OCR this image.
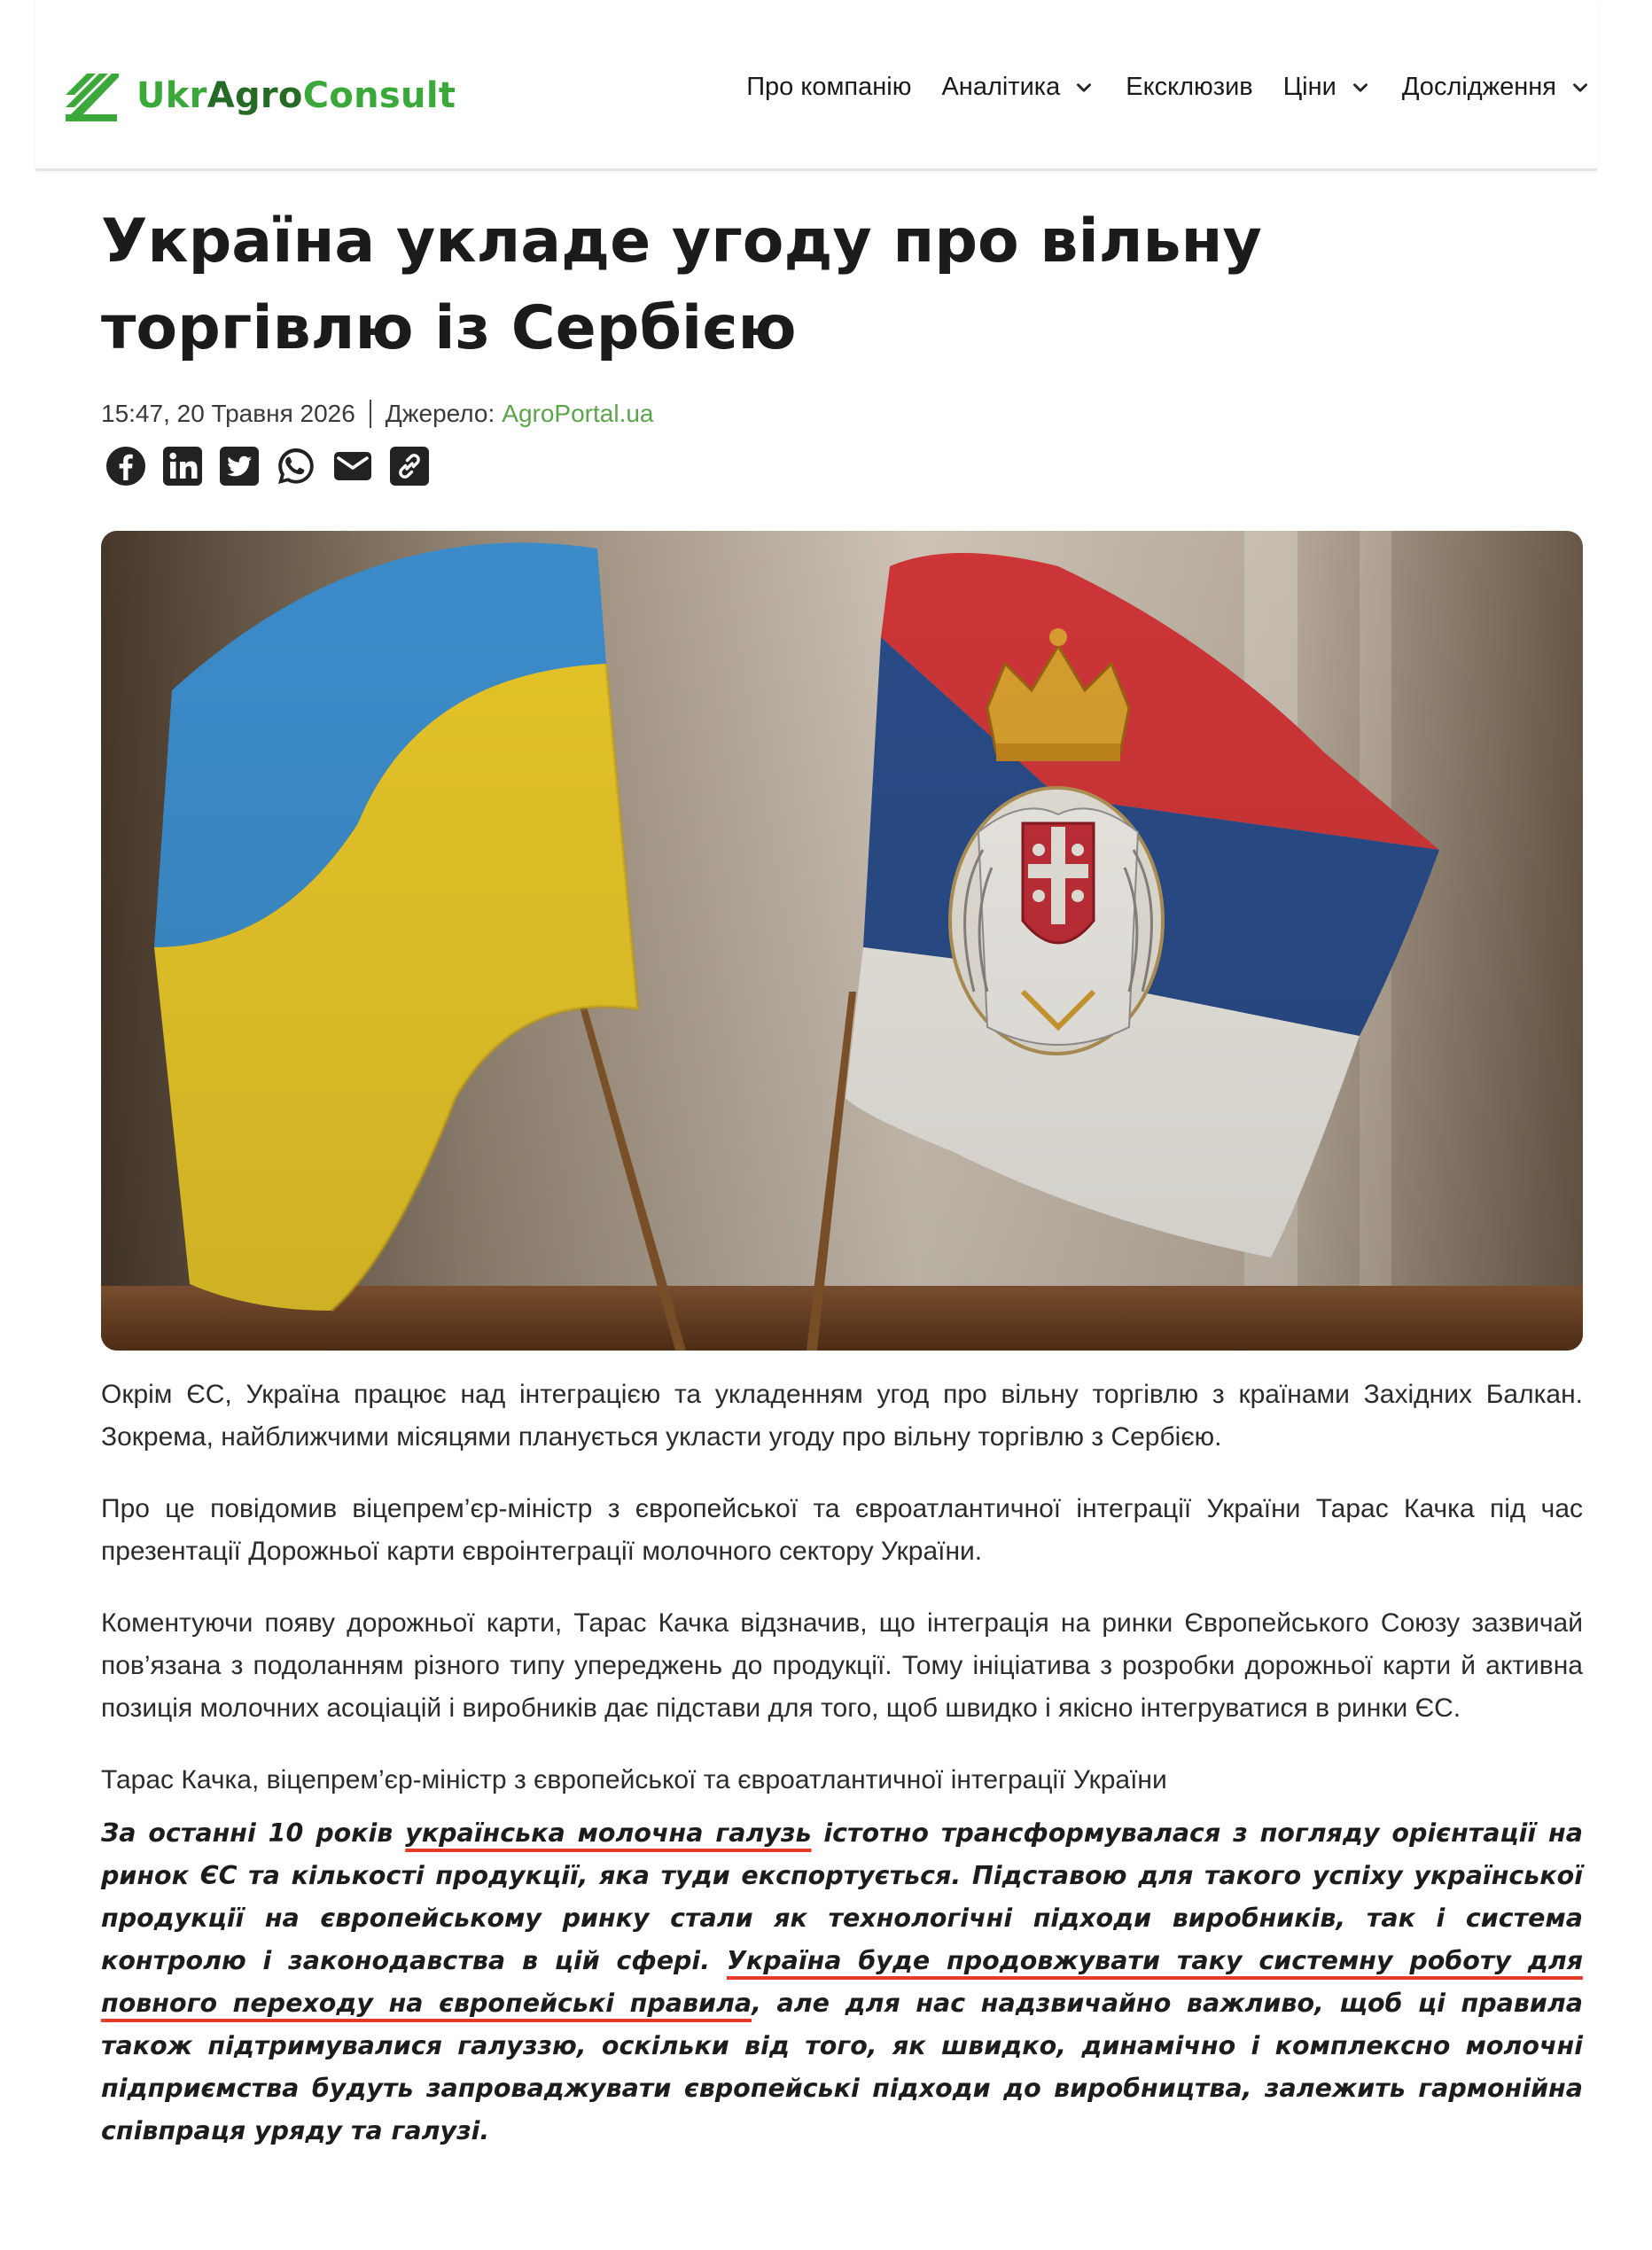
UkrAgroConsult	Про компанію Аналітика	Ексклюзив Ціни	Дослідження
Україна укладе угоду про вільну торгівлю із Сербією
15:47, 20 Травня 2026 Джерело: AgroPortal.ua

Окрім ЄС, Україна працює над інтеграцією та укладенням угод про вільну торгівлю з країнами Західних Балкан. Зокрема, найближчими місяцями планується укласти угоду про вільну торгівлю з Сербією.

Про це повідомив віцепрем’єр-міністр з європейської та євроатлантичної інтеграції України Тарас Качка під час презентації Дорожньої карти євроінтеграції молочного сектору України.

Коментуючи появу дорожньої карти, Тарас Качка відзначив, що інтеграція на ринки Європейського Союзу зазвичай пов’язана з подоланням різного типу упереджень до продукції. Тому ініціатива з розробки дорожньої карти й активна позиція молочних асоціацій і виробників дає підстави для того, щоб швидко і якісно інтегруватися в ринки ЄС.

Тарас Качка, віцепрем’єр-міністр з європейської та євроатлантичної інтеграції України

За останні 10 років українська молочна галузь істотно трансформувалася з погляду орієнтації на ринок ЄС та кількості продукції, яка туди експортується. Підставою для такого успіху української продукції на європейському ринку стали як технологічні підходи виробників, так і система контролю і законодавства в цій сфері. Україна буде продовжувати таку системну роботу для повного переходу на європейські правила, але для нас надзвичайно важливо, щоб ці правила також підтримувалися галуззю, оскільки від того, як швидко, динамічно і комплексно молочні підприємства будуть запроваджувати європейські підходи до виробництва, залежить гармонійна співпраця уряду та галузі.
